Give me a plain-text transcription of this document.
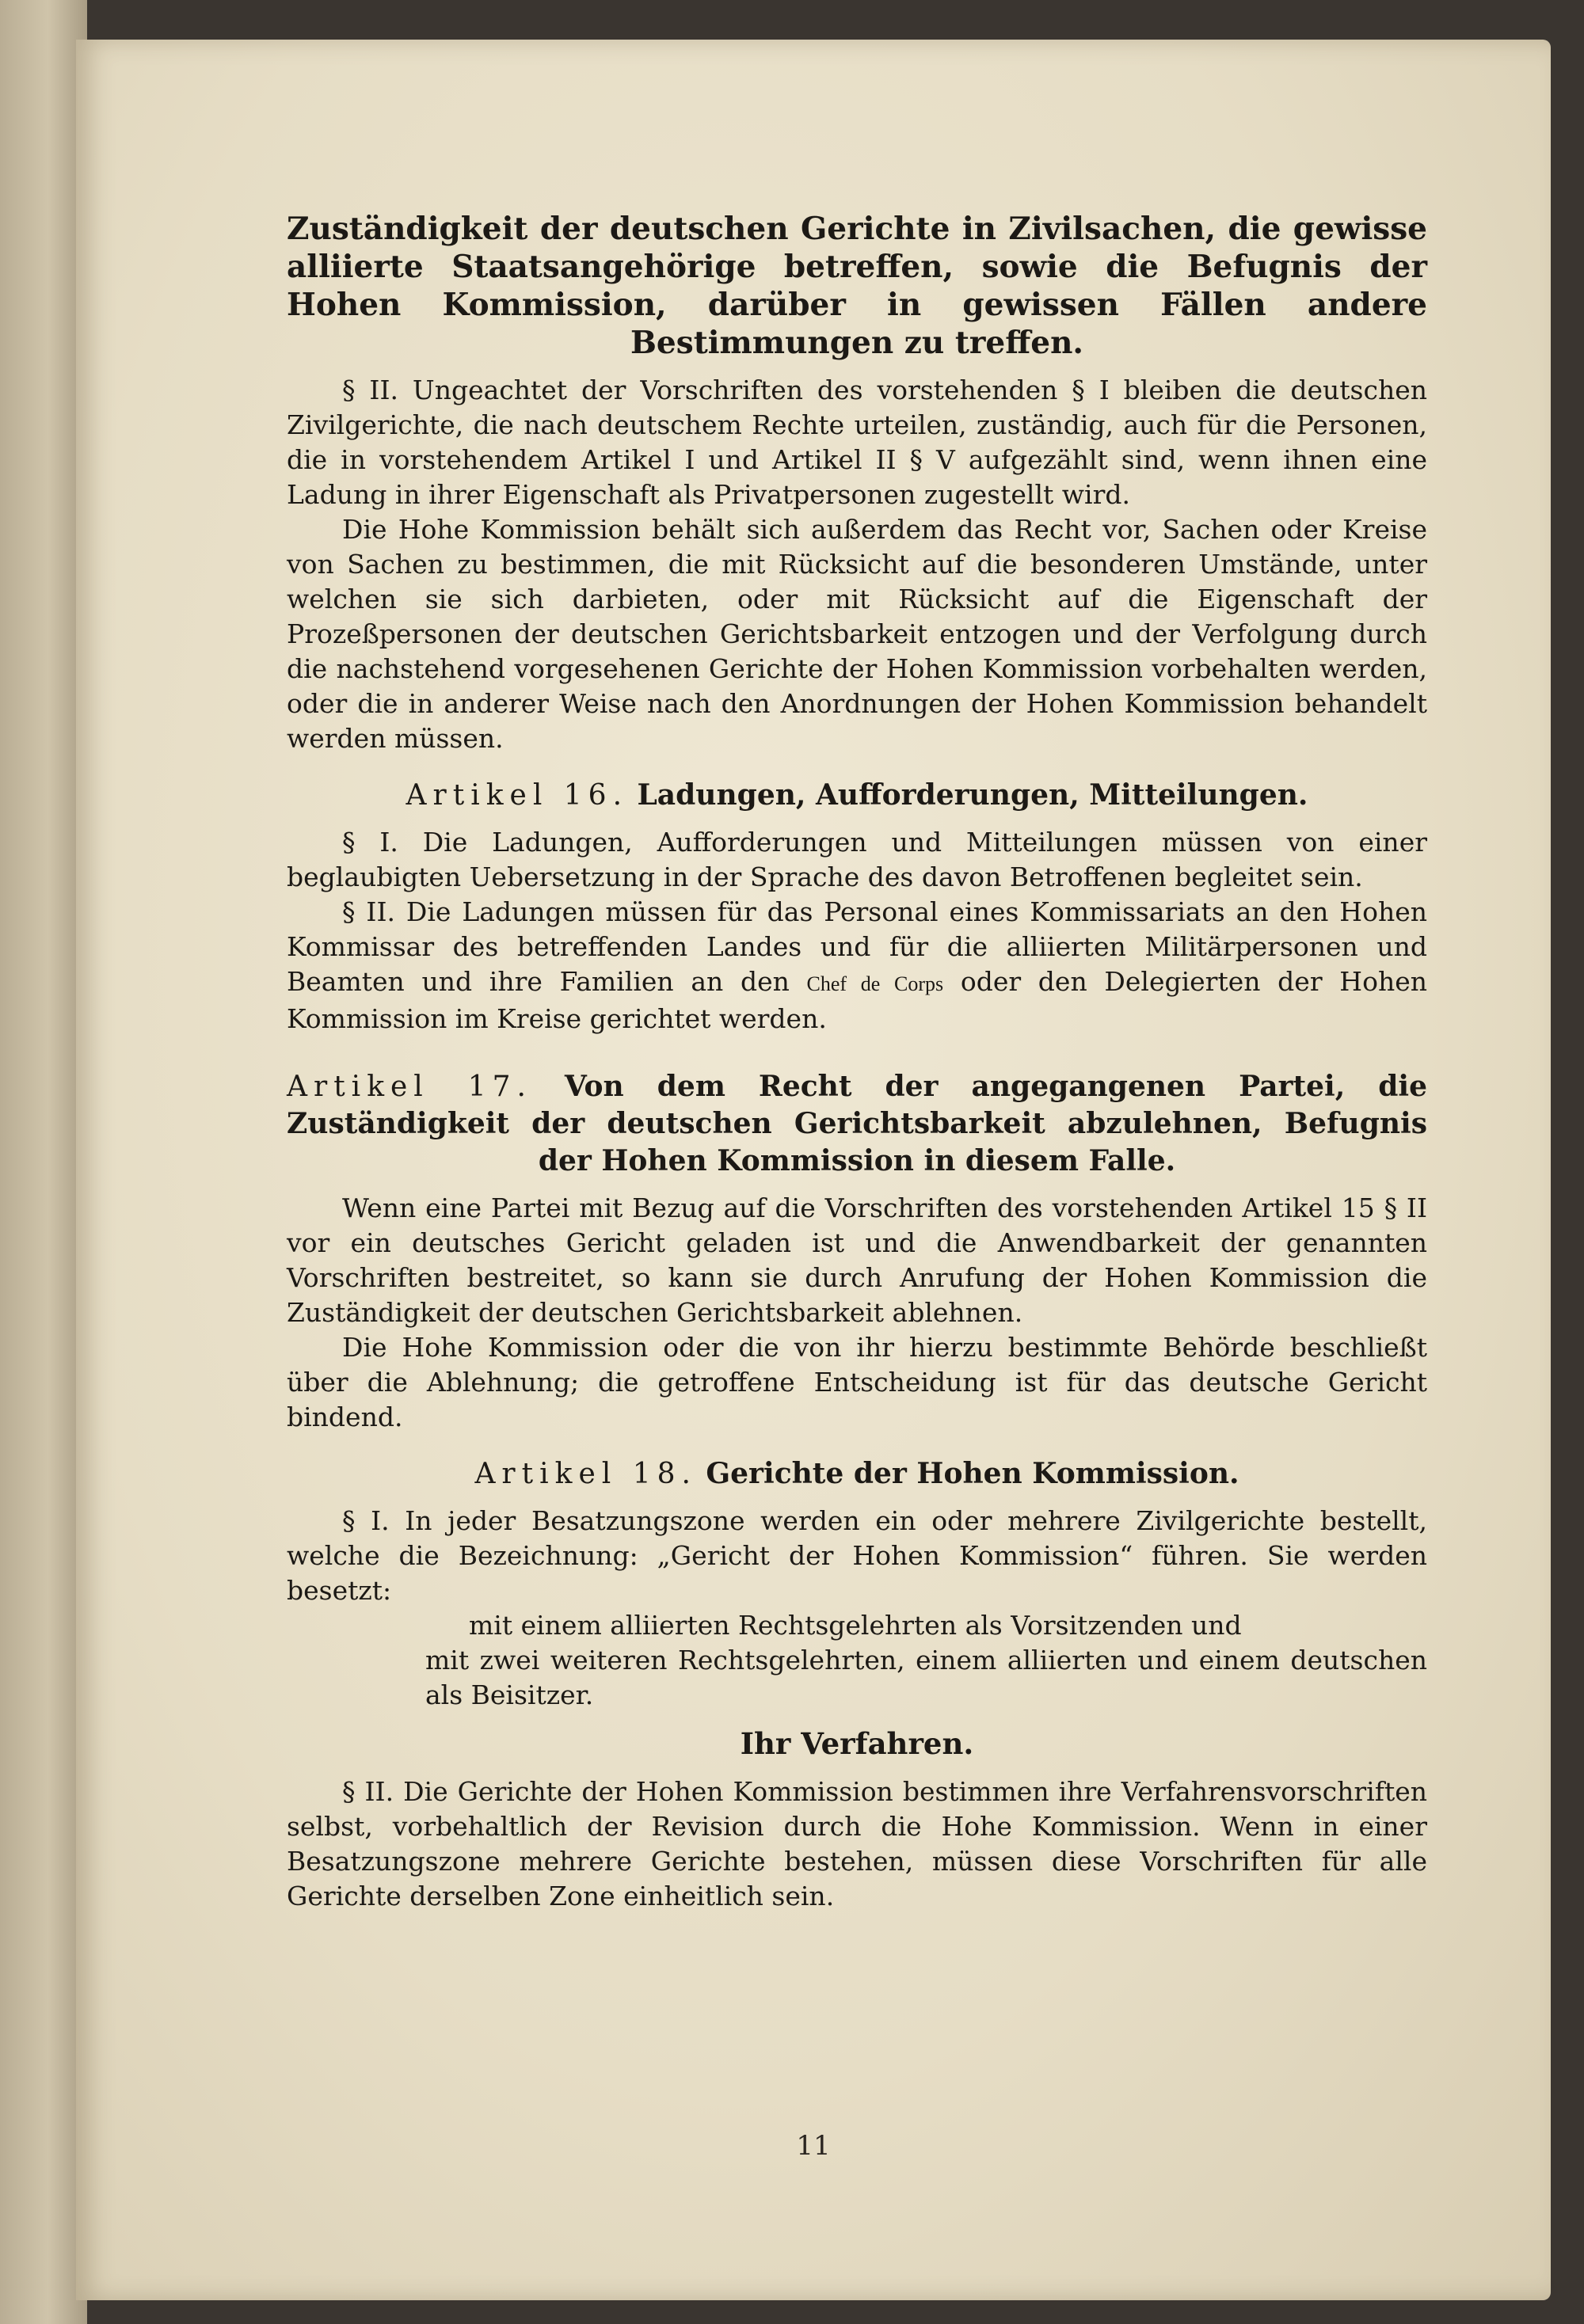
Zuständigkeit der deutschen Gerichte in Zivilsachen, die gewisse alliierte Staatsangehörige betreffen, sowie die Befugnis der Hohen Kommission, darüber in gewissen Fällen andere Bestimmungen zu treffen.

§ II. Ungeachtet der Vorschriften des vorstehenden § I bleiben die deutschen Zivilgerichte, die nach deutschem Rechte urteilen, zuständig, auch für die Personen, die in vorstehendem Artikel I und Artikel II § V aufgezählt sind, wenn ihnen eine Ladung in ihrer Eigenschaft als Privatpersonen zugestellt wird.

Die Hohe Kommission behält sich außerdem das Recht vor, Sachen oder Kreise von Sachen zu bestimmen, die mit Rücksicht auf die besonderen Umstände, unter welchen sie sich darbieten, oder mit Rücksicht auf die Eigenschaft der Prozeßpersonen der deutschen Gerichtsbarkeit entzogen und der Verfolgung durch die nachstehend vorgesehenen Gerichte der Hohen Kommission vorbehalten werden, oder die in anderer Weise nach den Anordnungen der Hohen Kommission behandelt werden müssen.

Artikel 16. Ladungen, Aufforderungen, Mitteilungen.

§ I. Die Ladungen, Aufforderungen und Mitteilungen müssen von einer beglaubigten Uebersetzung in der Sprache des davon Betroffenen begleitet sein.

§ II. Die Ladungen müssen für das Personal eines Kommissariats an den Hohen Kommissar des betreffenden Landes und für die alliierten Militärpersonen und Beamten und ihre Familien an den Chef de Corps oder den Delegierten der Hohen Kommission im Kreise gerichtet werden.

Artikel 17. Von dem Recht der angegangenen Partei, die Zuständigkeit der deutschen Gerichtsbarkeit abzulehnen, Befugnis der Hohen Kommission in diesem Falle.

Wenn eine Partei mit Bezug auf die Vorschriften des vorstehenden Artikel 15 § II vor ein deutsches Gericht geladen ist und die Anwendbarkeit der genannten Vorschriften bestreitet, so kann sie durch Anrufung der Hohen Kommission die Zuständigkeit der deutschen Gerichtsbarkeit ablehnen.

Die Hohe Kommission oder die von ihr hierzu bestimmte Behörde beschließt über die Ablehnung; die getroffene Entscheidung ist für das deutsche Gericht bindend.

Artikel 18. Gerichte der Hohen Kommission.

§ I. In jeder Besatzungszone werden ein oder mehrere Zivilgerichte bestellt, welche die Bezeichnung: „Gericht der Hohen Kommission“ führen. Sie werden besetzt:

mit einem alliierten Rechtsgelehrten als Vorsitzenden und
mit zwei weiteren Rechtsgelehrten, einem alliierten und einem deutschen als Beisitzer.

Ihr Verfahren.

§ II. Die Gerichte der Hohen Kommission bestimmen ihre Verfahrensvorschriften selbst, vorbehaltlich der Revision durch die Hohe Kommission. Wenn in einer Besatzungszone mehrere Gerichte bestehen, müssen diese Vorschriften für alle Gerichte derselben Zone einheitlich sein.

11
